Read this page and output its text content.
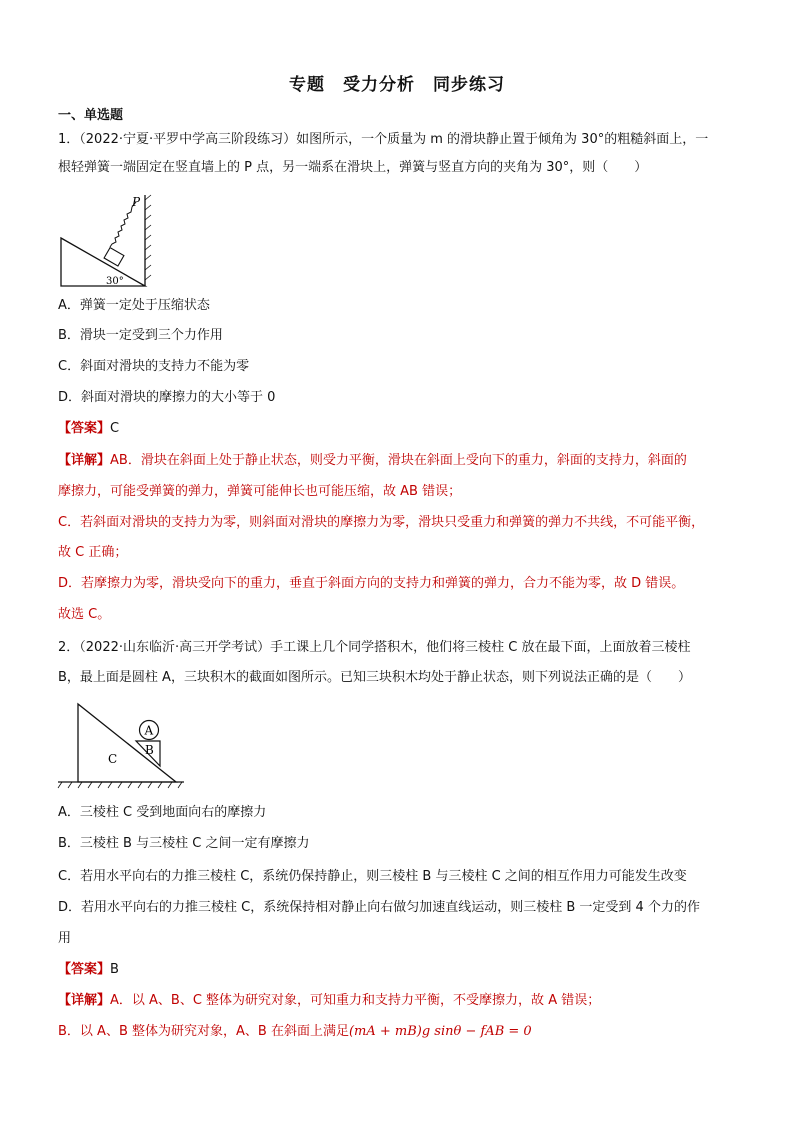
专题　受力分析　同步练习
一、单选题
1．（2022·宁夏·平罗中学高三阶段练习）如图所示，一个质量为 m 的滑块静止置于倾角为 30°的粗糙斜面上，一
根轻弹簧一端固定在竖直墙上的 P 点，另一端系在滑块上，弹簧与竖直方向的夹角为 30°，则（　　）
P
30°
A．弹簧一定处于压缩状态
B．滑块一定受到三个力作用
C．斜面对滑块的支持力不能为零
D．斜面对滑块的摩擦力的大小等于 0
【答案】C
【详解】AB．滑块在斜面上处于静止状态，则受力平衡，滑块在斜面上受向下的重力，斜面的支持力，斜面的
摩擦力，可能受弹簧的弹力，弹簧可能伸长也可能压缩，故 AB 错误；
C．若斜面对滑块的支持力为零，则斜面对滑块的摩擦力为零，滑块只受重力和弹簧的弹力不共线，不可能平衡，
故 C 正确；
D．若摩擦力为零，滑块受向下的重力，垂直于斜面方向的支持力和弹簧的弹力，合力不能为零，故 D 错误。
故选 C。
2．（2022·山东临沂·高三开学考试）手工课上几个同学搭积木，他们将三棱柱 C 放在最下面，上面放着三棱柱
B，最上面是圆柱 A，三块积木的截面如图所示。已知三块积木均处于静止状态，则下列说法正确的是（　　）
A
B
C
A．三棱柱 C 受到地面向右的摩擦力
B．三棱柱 B 与三棱柱 C 之间一定有摩擦力
C．若用水平向右的力推三棱柱 C，系统仍保持静止，则三棱柱 B 与三棱柱 C 之间的相互作用力可能发生改变
D．若用水平向右的力推三棱柱 C，系统保持相对静止向右做匀加速直线运动，则三棱柱 B 一定受到 4 个力的作
用
【答案】B
【详解】A．以 A、B、C 整体为研究对象，可知重力和支持力平衡，不受摩擦力，故 A 错误；
B．以 A、B 整体为研究对象，A、B 在斜面上满足(mA + mB)g sinθ − fAB = 0
